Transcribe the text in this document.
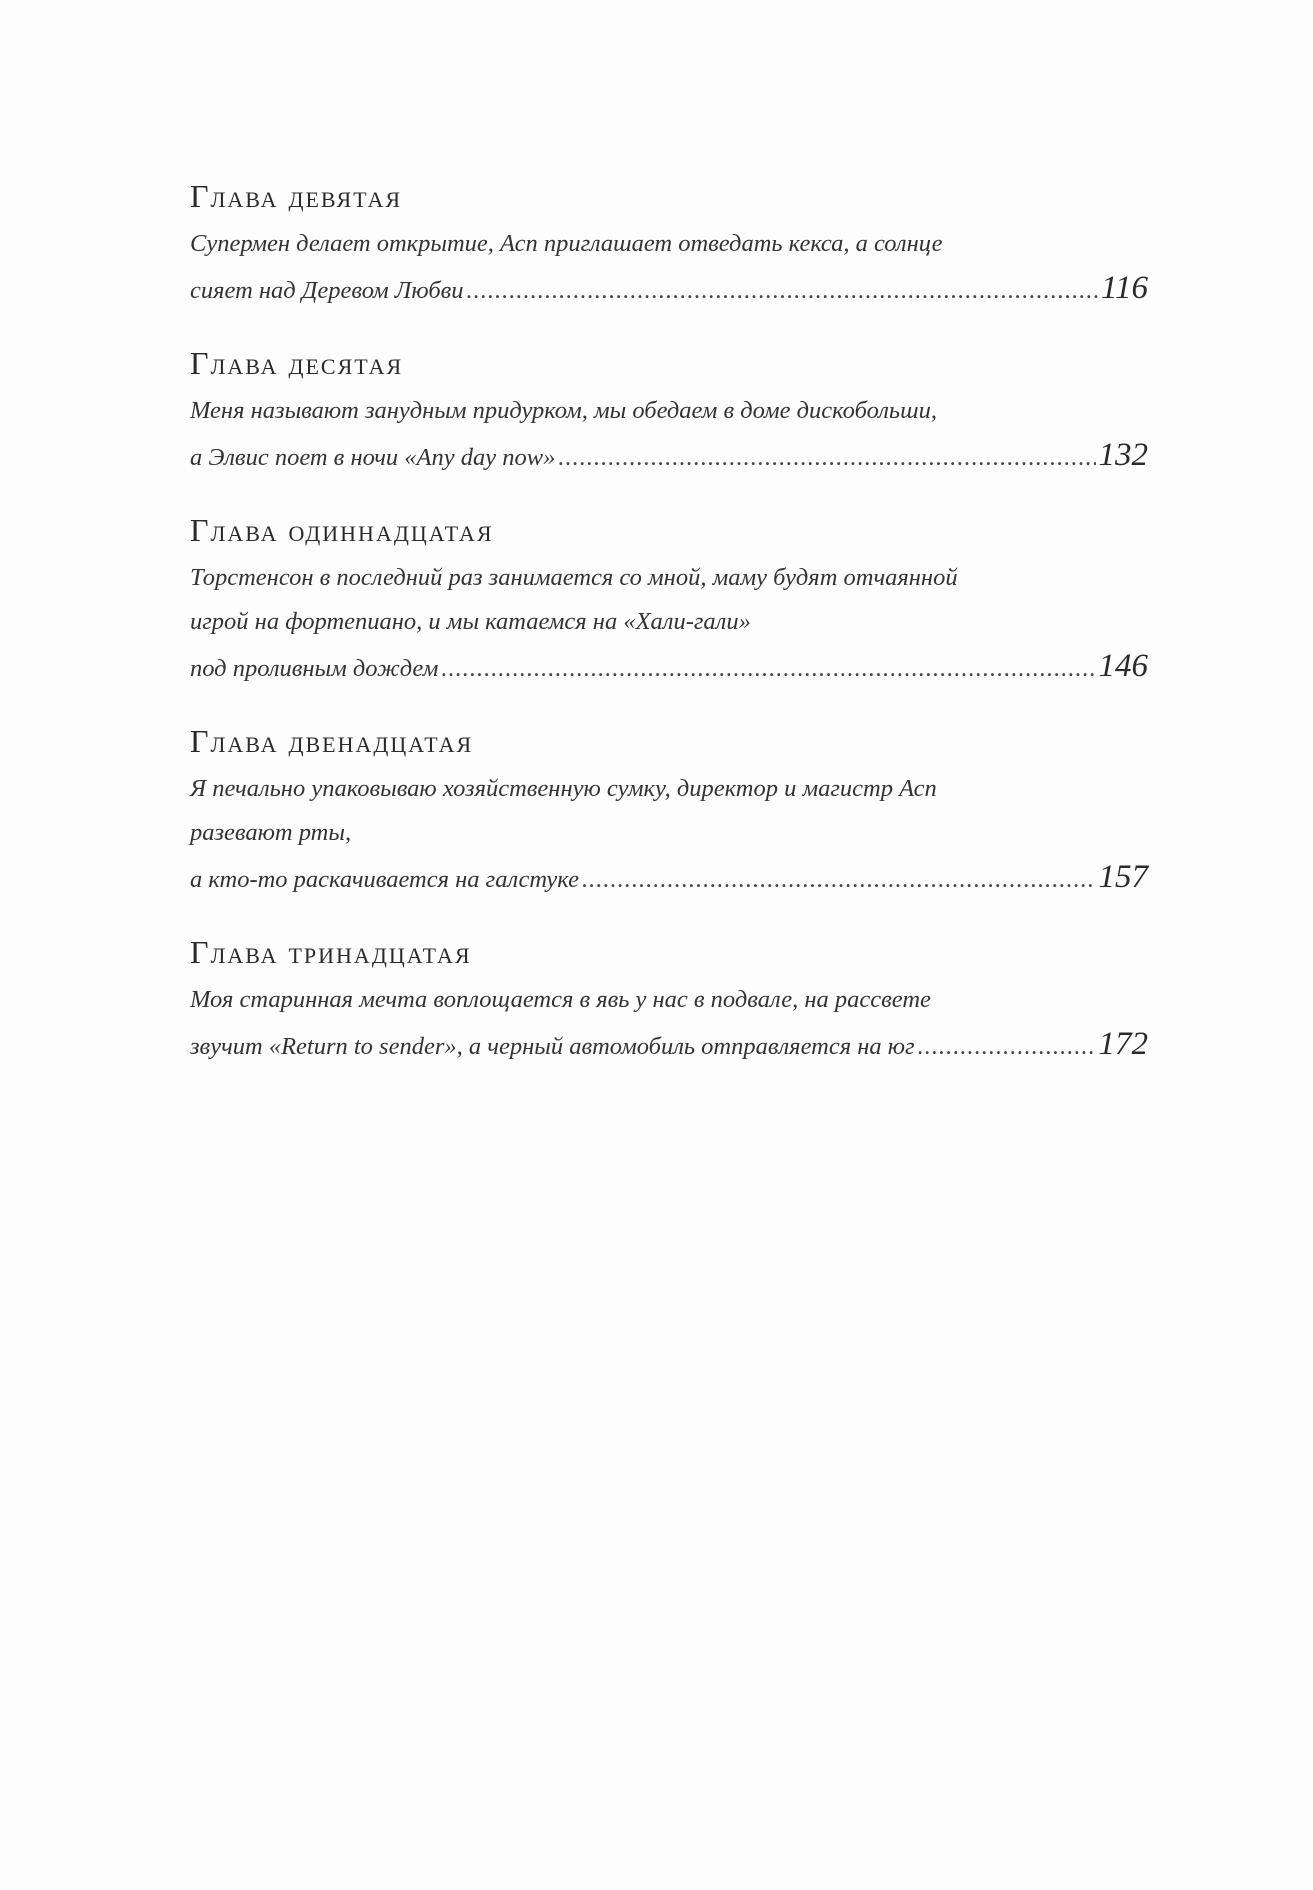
Глава девятая
Супермен делает открытие, Асп приглашает отведать кекса, а солнце
сияет над Деревом Любви .....	116
Глава десятая
Меня называют занудным придурком, мы обедаем в доме дискобольши,
а Элвис поет в ночи «Any day now» .....	132
Глава одиннадцатая
Торстенсон в последний раз занимается со мной, маму будят отчаянной
игрой на фортепиано, и мы катаемся на «Хали-гали»
под проливным дождем .....	146
Глава двенадцатая
Я печально упаковываю хозяйственную сумку, директор и магистр Асп
разевают рты,
а кто-то раскачивается на галстуке .....	157
Глава тринадцатая
Моя старинная мечта воплощается в явь у нас в подвале, на рассвете
звучит «Return to sender», а черный автомобиль отправляется на юг .....	172
